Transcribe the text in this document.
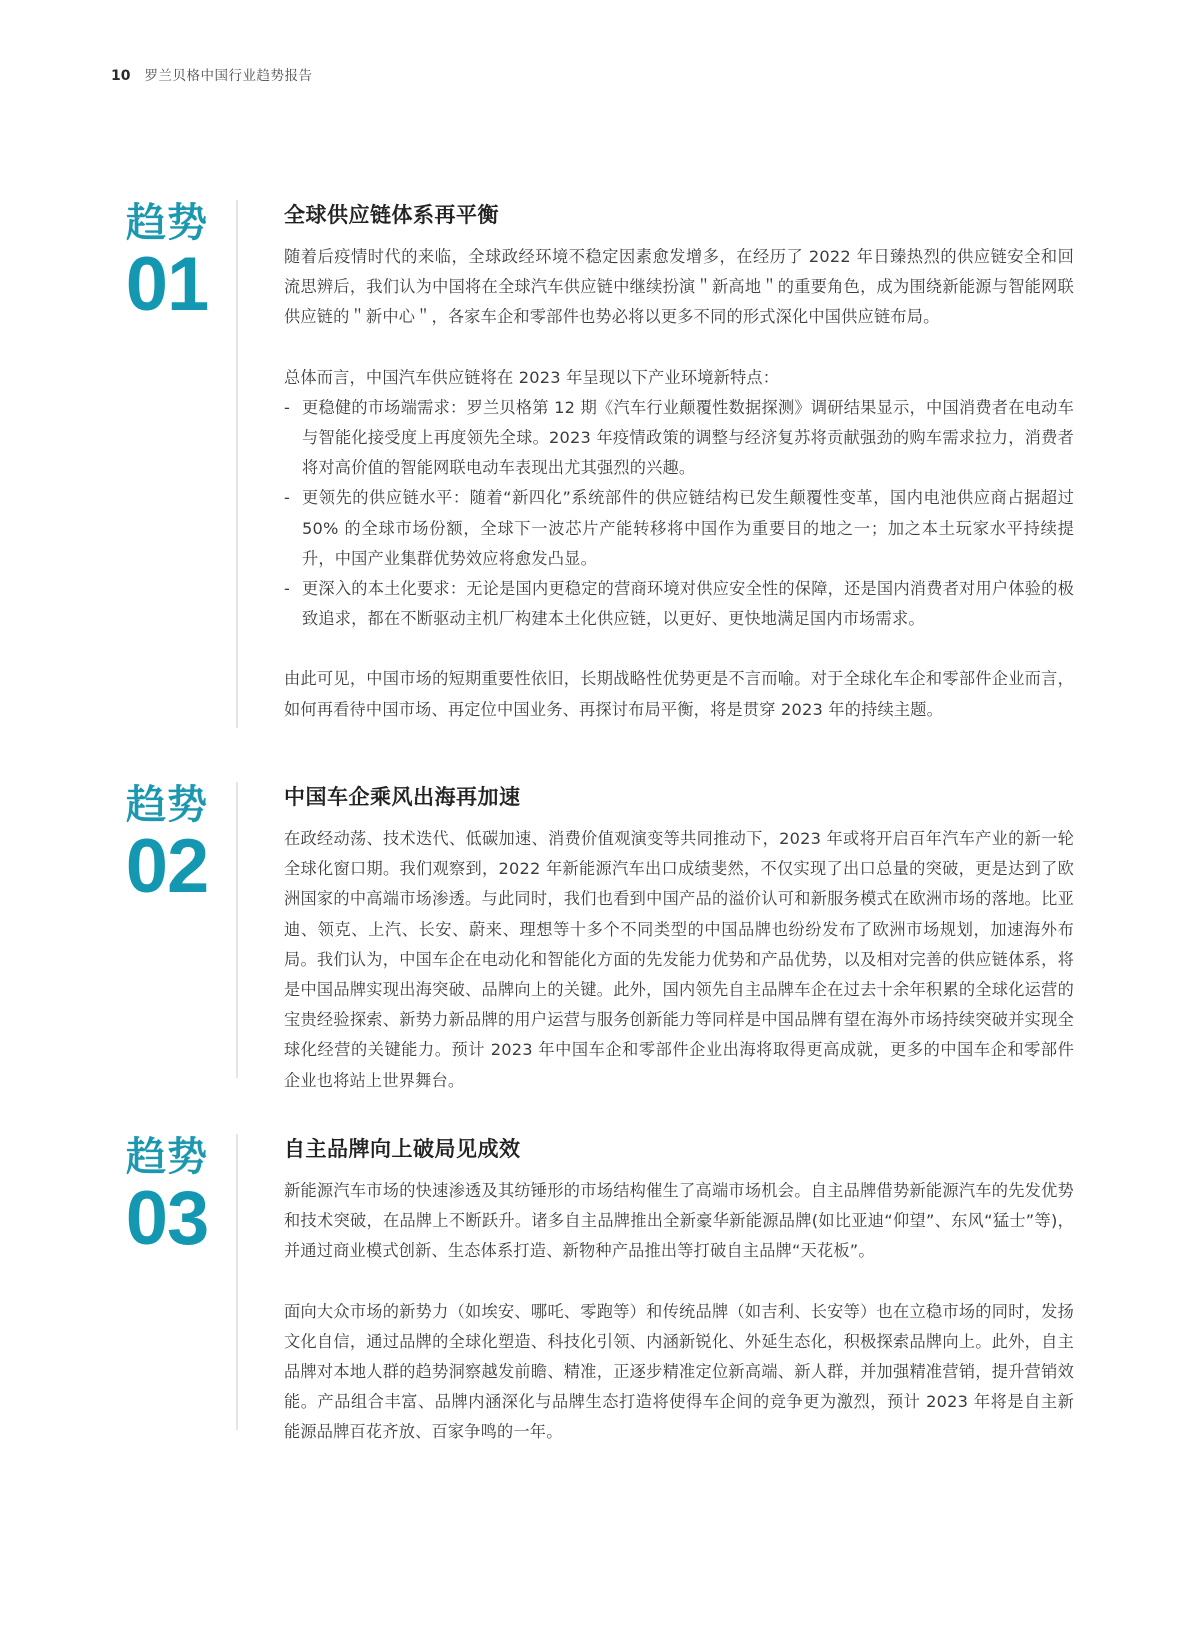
10 罗兰贝格中国行业趋势报告
趋势
01
全球供应链体系再平衡

随着后疫情时代的来临，全球政经环境不稳定因素愈发增多，在经历了 2022 年日臻热烈的供应链安全和回流思辨后，我们认为中国将在全球汽车供应链中继续扮演＂新高地＂的重要角色，成为围绕新能源与智能网联供应链的＂新中心＂，各家车企和零部件也势必将以更多不同的形式深化中国供应链布局。

总体而言，中国汽车供应链将在 2023 年呈现以下产业环境新特点：

- 更稳健的市场端需求：罗兰贝格第 12 期《汽车行业颠覆性数据探测》调研结果显示，中国消费者在电动车与智能化接受度上再度领先全球。2023 年疫情政策的调整与经济复苏将贡献强劲的购车需求拉力，消费者将对高价值的智能网联电动车表现出尤其强烈的兴趣。
- 更领先的供应链水平：随着“新四化”系统部件的供应链结构已发生颠覆性变革，国内电池供应商占据超过 50% 的全球市场份额，全球下一波芯片产能转移将中国作为重要目的地之一；加之本土玩家水平持续提升，中国产业集群优势效应将愈发凸显。
- 更深入的本土化要求：无论是国内更稳定的营商环境对供应安全性的保障，还是国内消费者对用户体验的极致追求，都在不断驱动主机厂构建本土化供应链，以更好、更快地满足国内市场需求。

由此可见，中国市场的短期重要性依旧，长期战略性优势更是不言而喻。对于全球化车企和零部件企业而言，如何再看待中国市场、再定位中国业务、再探讨布局平衡，将是贯穿 2023 年的持续主题。

趋势
02
中国车企乘风出海再加速

在政经动荡、技术迭代、低碳加速、消费价值观演变等共同推动下，2023 年或将开启百年汽车产业的新一轮全球化窗口期。我们观察到，2022 年新能源汽车出口成绩斐然，不仅实现了出口总量的突破，更是达到了欧洲国家的中高端市场渗透。与此同时，我们也看到中国产品的溢价认可和新服务模式在欧洲市场的落地。比亚迪、领克、上汽、长安、蔚来、理想等十多个不同类型的中国品牌也纷纷发布了欧洲市场规划，加速海外布局。我们认为，中国车企在电动化和智能化方面的先发能力优势和产品优势，以及相对完善的供应链体系，将是中国品牌实现出海突破、品牌向上的关键。此外，国内领先自主品牌车企在过去十余年积累的全球化运营的宝贵经验探索、新势力新品牌的用户运营与服务创新能力等同样是中国品牌有望在海外市场持续突破并实现全球化经营的关键能力。预计 2023 年中国车企和零部件企业出海将取得更高成就，更多的中国车企和零部件企业也将站上世界舞台。

趋势
03
自主品牌向上破局见成效

新能源汽车市场的快速渗透及其纺锤形的市场结构催生了高端市场机会。自主品牌借势新能源汽车的先发优势和技术突破，在品牌上不断跃升。诸多自主品牌推出全新豪华新能源品牌(如比亚迪“仰望”、东风“猛士”等)，并通过商业模式创新、生态体系打造、新物种产品推出等打破自主品牌“天花板”。

面向大众市场的新势力（如埃安、哪吒、零跑等）和传统品牌（如吉利、长安等）也在立稳市场的同时，发扬文化自信，通过品牌的全球化塑造、科技化引领、内涵新锐化、外延生态化，积极探索品牌向上。此外，自主品牌对本地人群的趋势洞察越发前瞻、精准，正逐步精准定位新高端、新人群，并加强精准营销，提升营销效能。产品组合丰富、品牌内涵深化与品牌生态打造将使得车企间的竞争更为激烈，预计 2023 年将是自主新能源品牌百花齐放、百家争鸣的一年。
